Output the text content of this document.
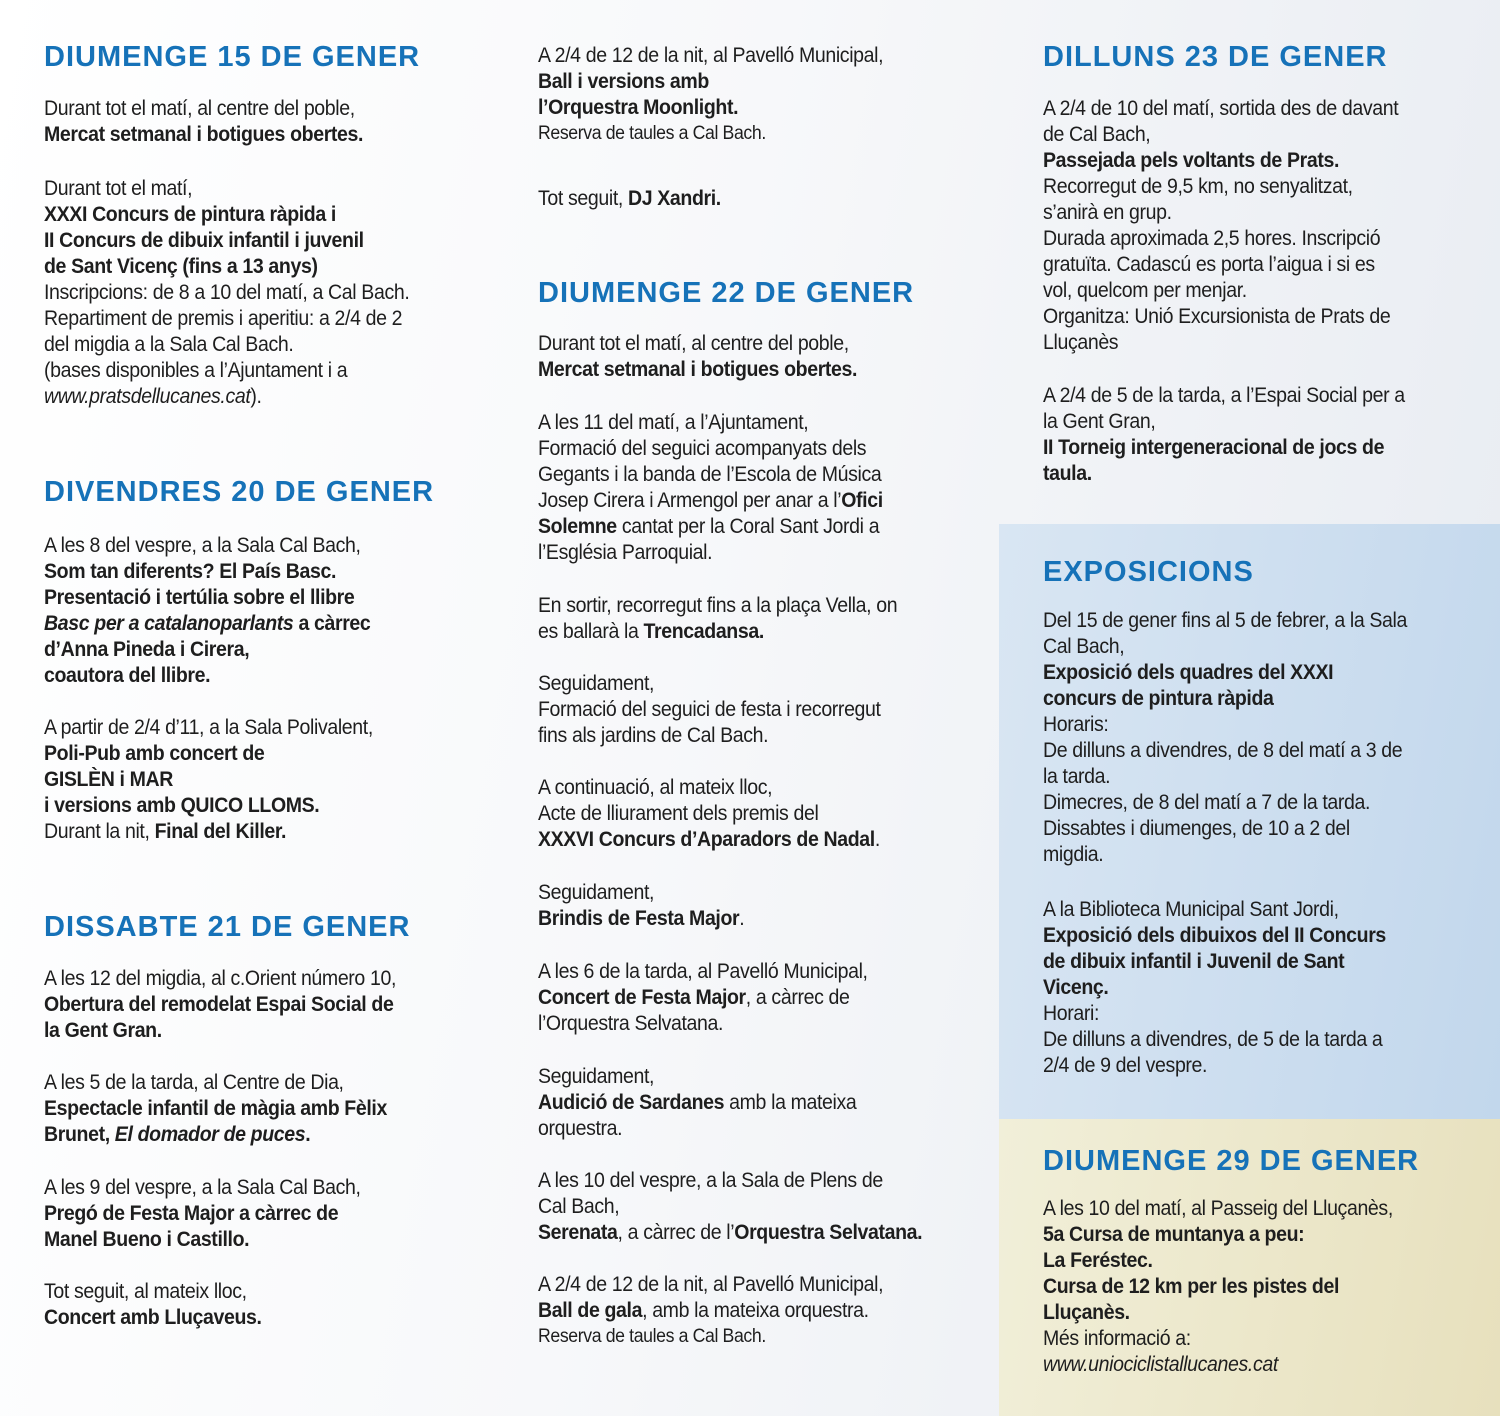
DIUMENGE 15 DE GENER
Durant tot el matí, al centre del poble,
Mercat setmanal i botigues obertes.
Durant tot el matí,
XXXI Concurs de pintura ràpida i
II Concurs de dibuix infantil i juvenil
de Sant Vicenç (fins a 13 anys)
Inscripcions: de 8 a 10 del matí, a Cal Bach.
Repartiment de premis i aperitiu: a 2/4 de 2
del migdia a la Sala Cal Bach.
(bases disponibles a l’Ajuntament i a
www.pratsdellucanes.cat).
DIVENDRES 20 DE GENER
A les 8 del vespre, a la Sala Cal Bach,
Som tan diferents? El País Basc.
Presentació i tertúlia sobre el llibre
Basc per a catalanoparlants a càrrec
d’Anna Pineda i Cirera,
coautora del llibre.
A partir de 2/4 d’11, a la Sala Polivalent,
Poli-Pub amb concert de
GISLÈN i MAR
i versions amb QUICO LLOMS.
Durant la nit, Final del Killer.
DISSABTE 21 DE GENER
A les 12 del migdia, al c.Orient número 10,
Obertura del remodelat Espai Social de
la Gent Gran.
A les 5 de la tarda, al Centre de Dia,
Espectacle infantil de màgia amb Fèlix
Brunet, El domador de puces.
A les 9 del vespre, a la Sala Cal Bach,
Pregó de Festa Major a càrrec de
Manel Bueno i Castillo.
Tot seguit, al mateix lloc,
Concert amb Lluçaveus.
A 2/4 de 12 de la nit, al Pavelló Municipal,
Ball i versions amb
l’Orquestra Moonlight.
Reserva de taules a Cal Bach.
Tot seguit, DJ Xandri.
DIUMENGE 22 DE GENER
Durant tot el matí, al centre del poble,
Mercat setmanal i botigues obertes.
A les 11 del matí, a l’Ajuntament,
Formació del seguici acompanyats dels
Gegants i la banda de l’Escola de Música
Josep Cirera i Armengol per anar a l’Ofici
Solemne cantat per la Coral Sant Jordi a
l’Església Parroquial.
En sortir, recorregut fins a la plaça Vella, on
es ballarà la Trencadansa.
Seguidament,
Formació del seguici de festa i recorregut
fins als jardins de Cal Bach.
A continuació, al mateix lloc,
Acte de lliurament dels premis del
XXXVI Concurs d’Aparadors de Nadal.
Seguidament,
Brindis de Festa Major.
A les 6 de la tarda, al Pavelló Municipal,
Concert de Festa Major, a càrrec de
l’Orquestra Selvatana.
Seguidament,
Audició de Sardanes amb la mateixa
orquestra.
A les 10 del vespre, a la Sala de Plens de
Cal Bach,
Serenata, a càrrec de l’Orquestra Selvatana.
A 2/4 de 12 de la nit, al Pavelló Municipal,
Ball de gala, amb la mateixa orquestra.
Reserva de taules a Cal Bach.
DILLUNS 23 DE GENER
A 2/4 de 10 del matí, sortida des de davant
de Cal Bach,
Passejada pels voltants de Prats.
Recorregut de 9,5 km, no senyalitzat,
s’anirà en grup.
Durada aproximada 2,5 hores. Inscripció
gratuïta. Cadascú es porta l’aigua i si es
vol, quelcom per menjar.
Organitza: Unió Excursionista de Prats de
Lluçanès
A 2/4 de 5 de la tarda, a l’Espai Social per a
la Gent Gran,
II Torneig intergeneracional de jocs de
taula.
EXPOSICIONS
Del 15 de gener fins al 5 de febrer, a la Sala
Cal Bach,
Exposició dels quadres del XXXI
concurs de pintura ràpida
Horaris:
De dilluns a divendres, de 8 del matí a 3 de
la tarda.
Dimecres, de 8 del matí a 7 de la tarda.
Dissabtes i diumenges, de 10 a 2 del
migdia.
A la Biblioteca Municipal Sant Jordi,
Exposició dels dibuixos del II Concurs
de dibuix infantil i Juvenil de Sant
Vicenç.
Horari:
De dilluns a divendres, de 5 de la tarda a
2/4 de 9 del vespre.
DIUMENGE 29 DE GENER
A les 10 del matí, al Passeig del Lluçanès,
5a Cursa de muntanya a peu:
La Feréstec.
Cursa de 12 km per les pistes del
Lluçanès.
Més informació a:
www.uniociclistallucanes.cat
